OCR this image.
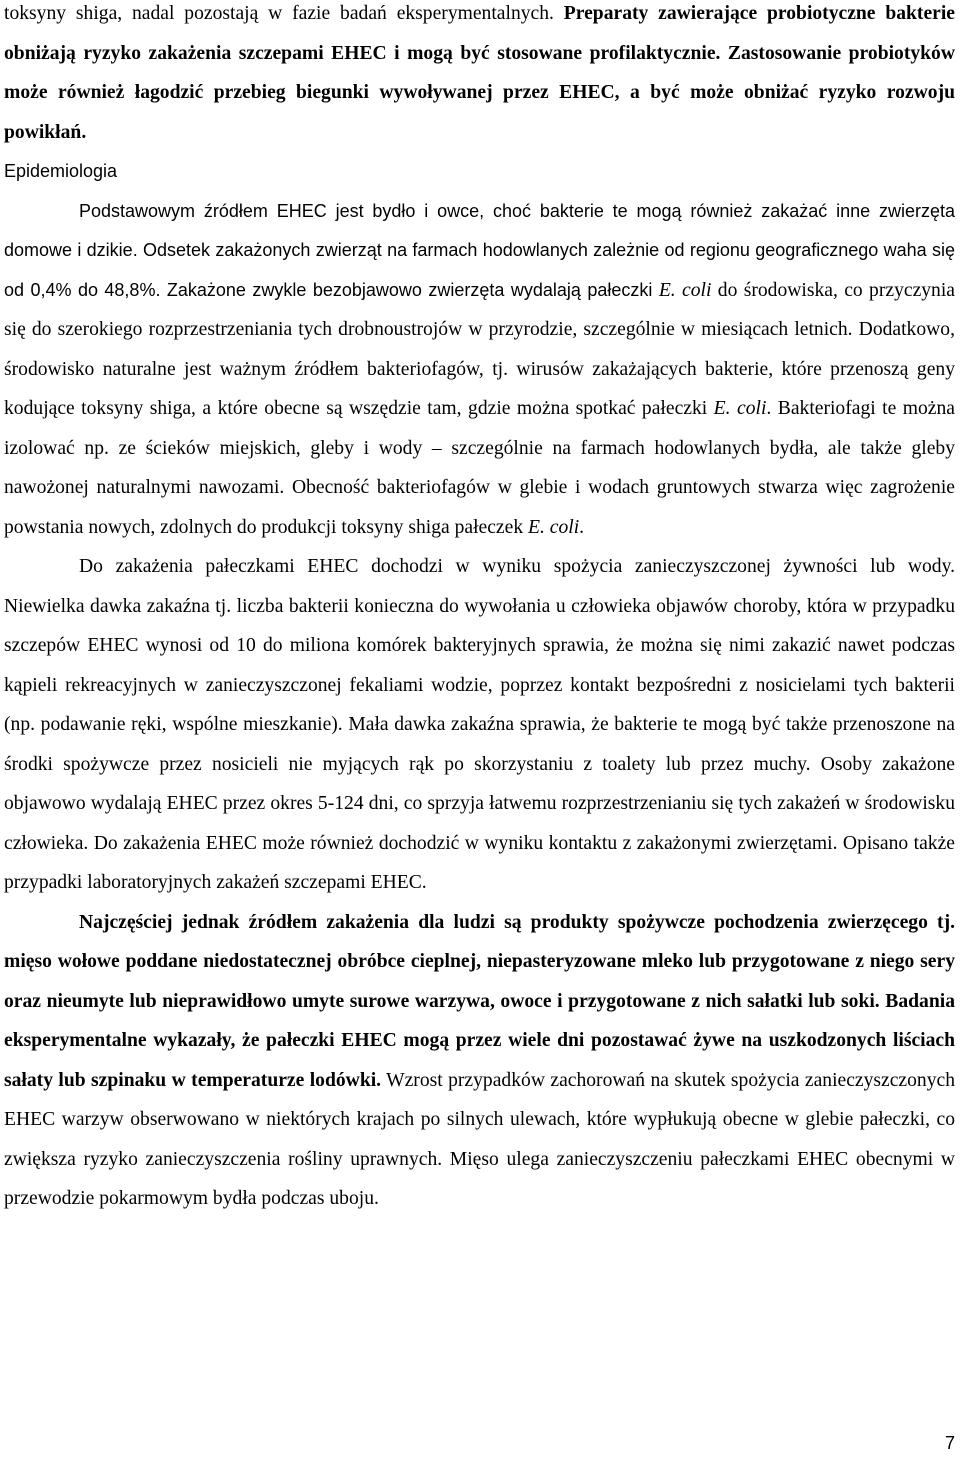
toksyny shiga, nadal pozostają w fazie badań eksperymentalnych. Preparaty zawierające probiotyczne bakterie obniżają ryzyko zakażenia szczepami EHEC i mogą być stosowane profilaktycznie. Zastosowanie probiotyków może również łagodzić przebieg biegunki wywoływanej przez EHEC, a być może obniżać ryzyko rozwoju powikłań.

Epidemiologia

Podstawowym źródłem EHEC jest bydło i owce, choć bakterie te mogą również zakażać inne zwierzęta domowe i dzikie. Odsetek zakażonych zwierząt na farmach hodowlanych zależnie od regionu geograficznego waha się od 0,4% do 48,8%. Zakażone zwykle bezobjawowo zwierzęta wydalają pałeczki E. coli do środowiska, co przyczynia się do szerokiego rozprzestrzeniania tych drobnoustrojów w przyrodzie, szczególnie w miesiącach letnich. Dodatkowo, środowisko naturalne jest ważnym źródłem bakteriofagów, tj. wirusów zakażających bakterie, które przenoszą geny kodujące toksyny shiga, a które obecne są wszędzie tam, gdzie można spotkać pałeczki E. coli. Bakteriofagi te można izolować np. ze ścieków miejskich, gleby i wody – szczególnie na farmach hodowlanych bydła, ale także gleby nawożonej naturalnymi nawozami. Obecność bakteriofagów w glebie i wodach gruntowych stwarza więc zagrożenie powstania nowych, zdolnych do produkcji toksyny shiga pałeczek E. coli.

Do zakażenia pałeczkami EHEC dochodzi w wyniku spożycia zanieczyszczonej żywności lub wody. Niewielka dawka zakaźna tj. liczba bakterii konieczna do wywołania u człowieka objawów choroby, która w przypadku szczepów EHEC wynosi od 10 do miliona komórek bakteryjnych sprawia, że można się nimi zakazić nawet podczas kąpieli rekreacyjnych w zanieczyszczonej fekaliami wodzie, poprzez kontakt bezpośredni z nosicielami tych bakterii (np. podawanie ręki, wspólne mieszkanie). Mała dawka zakaźna sprawia, że bakterie te mogą być także przenoszone na środki spożywcze przez nosicieli nie myjących rąk po skorzystaniu z toalety lub przez muchy. Osoby zakażone objawowo wydalają EHEC przez okres 5-124 dni, co sprzyja łatwemu rozprzestrzenianiu się tych zakażeń w środowisku człowieka. Do zakażenia EHEC może również dochodzić w wyniku kontaktu z zakażonymi zwierzętami. Opisano także przypadki laboratoryjnych zakażeń szczepami EHEC.

Najczęściej jednak źródłem zakażenia dla ludzi są produkty spożywcze pochodzenia zwierzęcego tj. mięso wołowe poddane niedostatecznej obróbce cieplnej, niepasteryzowane mleko lub przygotowane z niego sery oraz nieumyte lub nieprawidłowo umyte surowe warzywa, owoce i przygotowane z nich sałatki lub soki. Badania eksperymentalne wykazały, że pałeczki EHEC mogą przez wiele dni pozostawać żywe na uszkodzonych liściach sałaty lub szpinaku w temperaturze lodówki. Wzrost przypadków zachorowań na skutek spożycia zanieczyszczonych EHEC warzyw obserwowano w niektórych krajach po silnych ulewach, które wypłukują obecne w glebie pałeczki, co zwiększa ryzyko zanieczyszczenia rośliny uprawnych. Mięso ulega zanieczyszczeniu pałeczkami EHEC obecnymi w przewodzie pokarmowym bydła podczas uboju.

7
